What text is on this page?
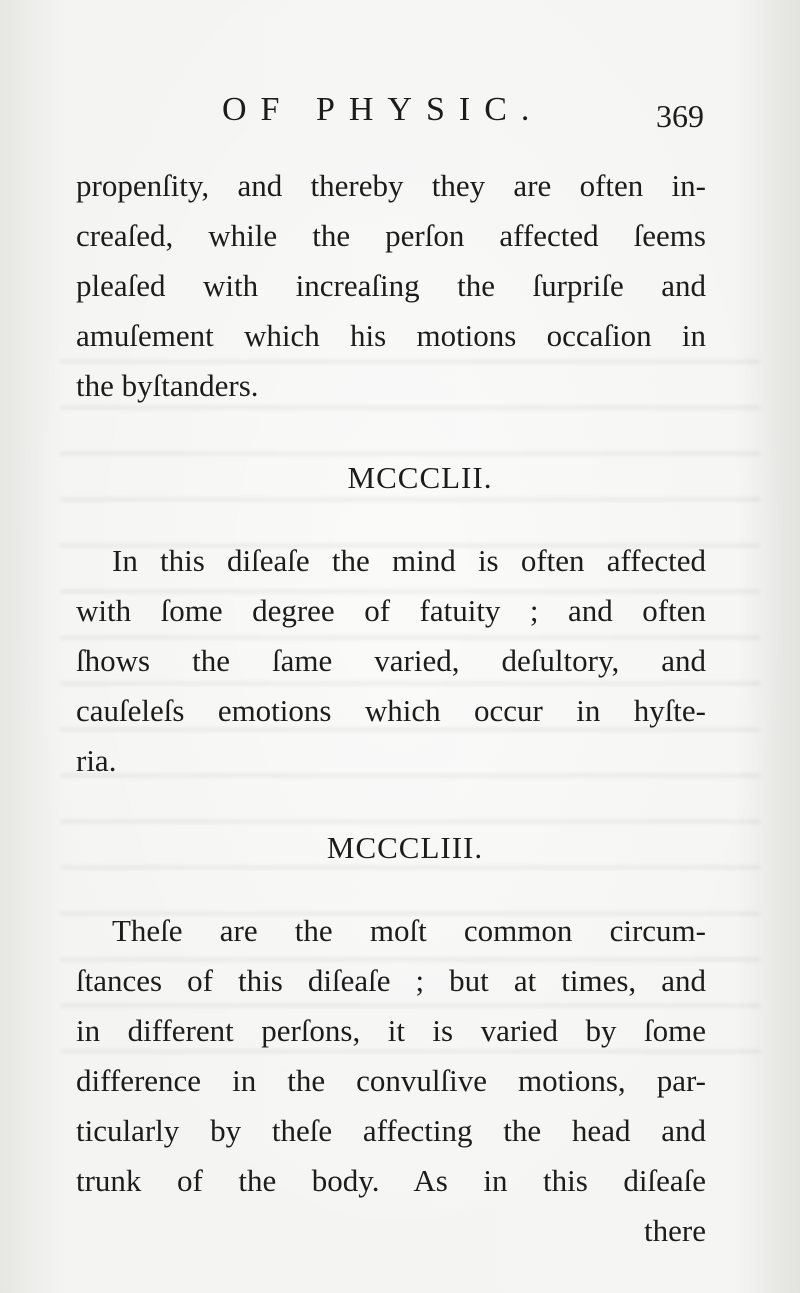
OF PHYSIC.	369
propenſity, and thereby they are often in-
creaſed, while the perſon affected ſeems
pleaſed with increaſing the ſurpriſe and
amuſement which his motions occaſion in
the byſtanders.
MCCCLII.
In this diſeaſe the mind is often affected
with ſome degree of fatuity ; and often
ſhows the ſame varied, deſultory, and
cauſeleſs emotions which occur in hyſte-
ria.
MCCCLIII.
Theſe are the moſt common circum-
ſtances of this diſeaſe ; but at times, and
in different perſons, it is varied by ſome
difference in the convulſive motions, par-
ticularly by theſe affecting the head and
trunk of the body. As in this diſeaſe
there
